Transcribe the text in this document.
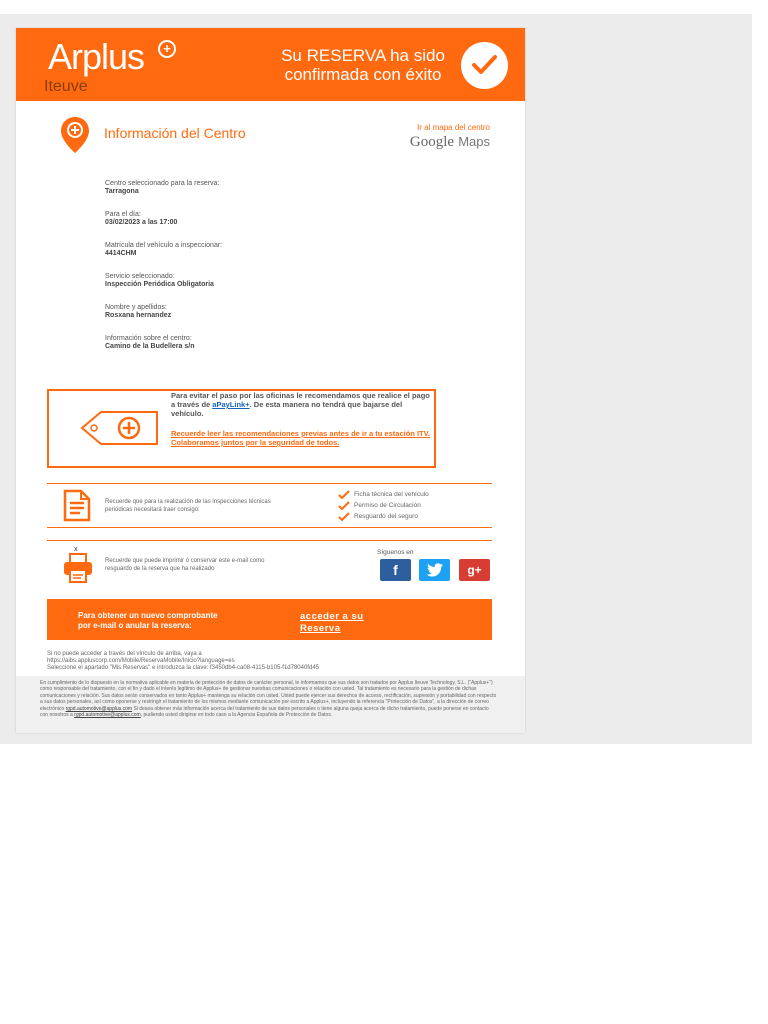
Arplus	+
Iteuve
Su RESERVA ha sido
confirmada con éxito
Información del Centro	Ir al mapa del centro
Google Maps
Centro seleccionado para la reserva:
Tarragona
Para el día:
03/02/2023 a las 17:00
Matrícula del vehículo a inspeccionar:
4414CHM
Servicio seleccionado:
Inspección Periódica Obligatoria
Nombre y apellidos:
Rosxana hernandez
Información sobre el centro:
Camino de la Budellera s/n
Para evitar el paso por las oficinas le recomendamos que realice el pago a través de aPayLink+. De esta manera no tendrá que bajarse del vehículo.
Recuerde leer las recomendaciones previas antes de ir a tu estación ITV. Colaboramos juntos por la seguridad de todos.
Recuerde que para la realización de las inspecciones técnicas periódicas necesitará traer consigo:
Ficha técnica del vehículo
Permiso de Circulación
Resguardo del seguro
x
Recuerde que puede imprimir ó conservar este e-mail como resguardo de la reserva que ha realizado
Síguenos en
f	g+
Para obtener un nuevo comprobante
por e-mail o anular la reserva:
acceder a su
Reserva
Si no puede acceder a través del vínculo de arriba, vaya a
https://aibs.appluscorp.com/Mobile/ReservaMobile/Inicio?language=es
Seleccione el apartado "Mis Reservas" e introduzca la clave: f3450db4-ca08-4115-b105-f1d78040fd45
En cumplimiento de lo dispuesto en la normativa aplicable en materia de protección de datos de carácter personal, le informamos que sus datos son tratados por Applus Iteuve Technology, S.L. ("Applus+") como responsable del tratamiento, con el fin y dado el interés legítimo de Applus+ de gestionar nuestras comunicaciones o relación con usted. Tal tratamiento es necesario para la gestión de dichas comunicaciones y relación. Sus datos serán conservados en tanto Applus+ mantenga su relación con usted. Usted puede ejercer sus derechos de acceso, rectificación, supresión y portabilidad con respecto a sus datos personales, así como oponerse y restringir el tratamiento de los mismos mediante comunicación por escrito a Applus+, incluyendo la referencia "Protección de Datos", a la dirección de correo electrónico rgpd.automotive@applus.com Si desea obtener más información acerca del tratamiento de sus datos personales o tiene alguna queja acerca de dicho tratamiento, puede ponerse en contacto con nosotros a rgpd.automotive@applus.com, pudiendo usted dirigirse en todo caso a la Agencia Española de Protección de Datos.
